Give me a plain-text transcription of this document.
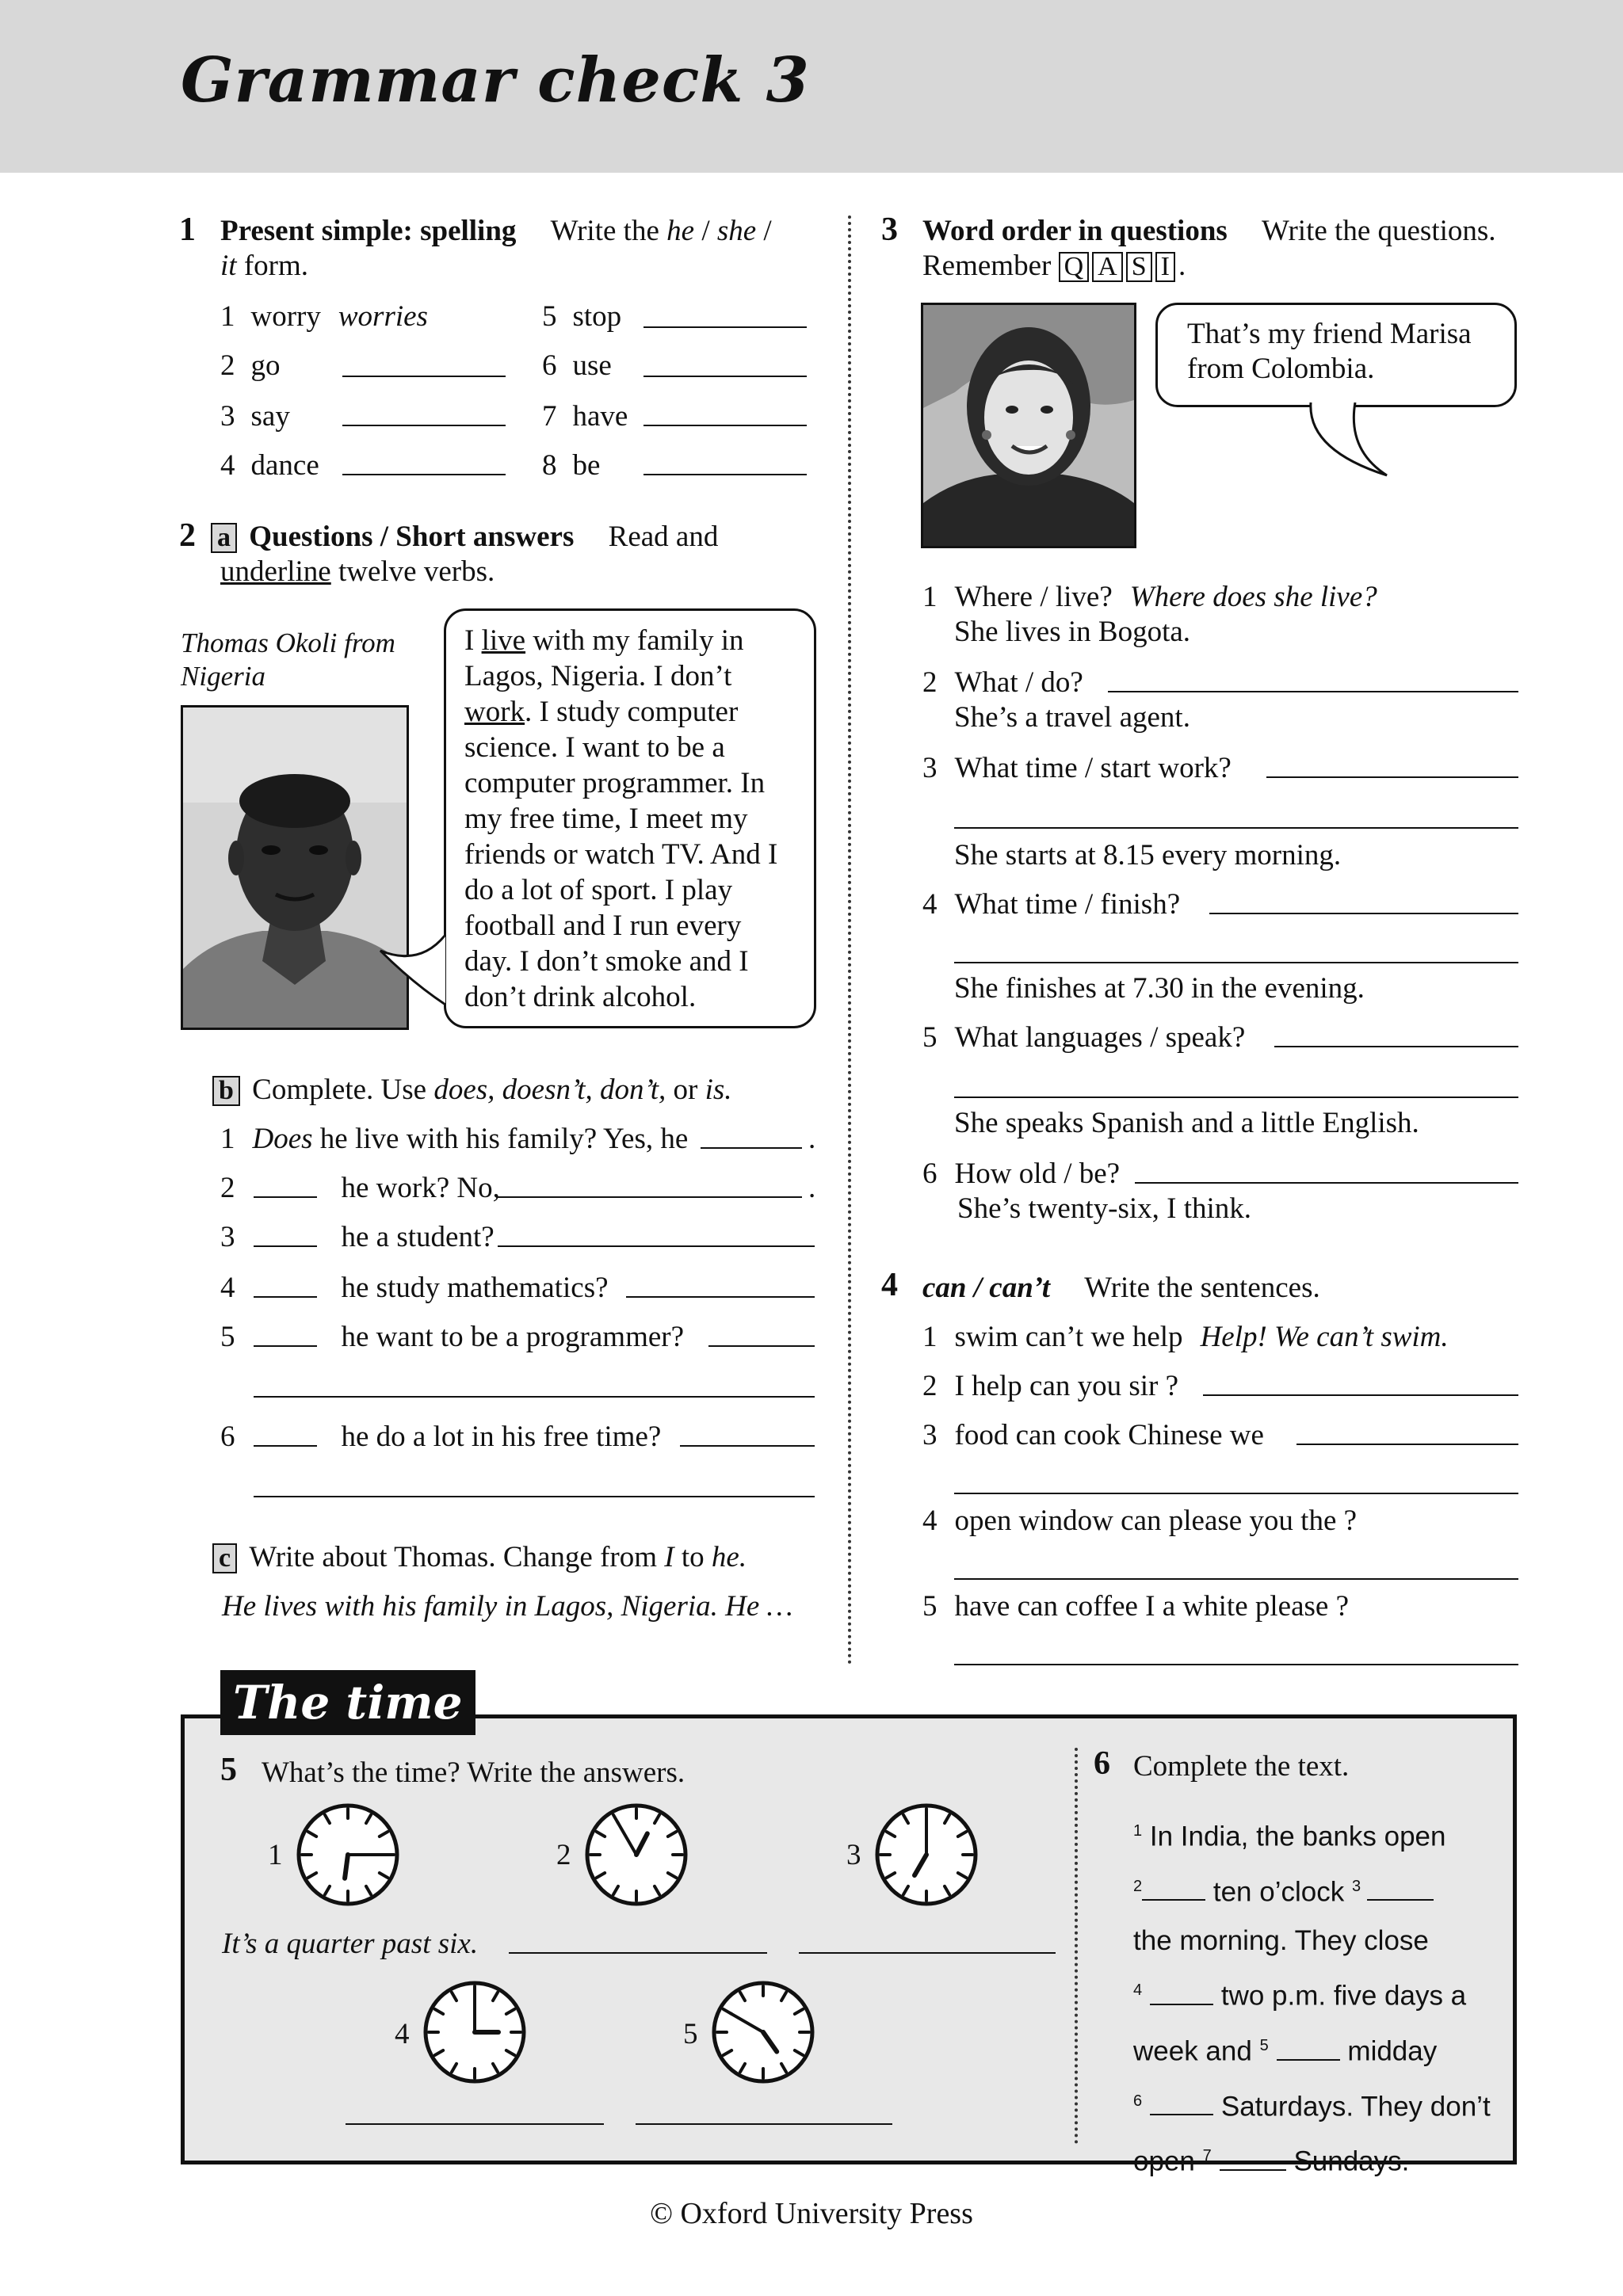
Grammar check 3
1 Present simple: spelling Write the he / she /
it form.
1 worry worries
2 go
3 say
4 dance
5 stop
6 use
7 have
8 be
2 a Questions / Short answers Read and
underline twelve verbs.
Thomas Okoli from
Nigeria
I live with my family in
Lagos, Nigeria. I don’t
work. I study computer
science. I want to be a
computer programmer. In
my free time, I meet my
friends or watch TV. And I
do a lot of sport. I play
football and I run every
day. I don’t smoke and I
don’t drink alcohol.
b Complete. Use does, doesn’t, don’t, or is.
1 Does he live with his family? Yes, he	.
2	he work? No,	.
3	he a student?
4	he study mathematics?
5	he want to be a programmer?
6	he do a lot in his free time?
c Write about Thomas. Change from I to he.
He lives with his family in Lagos, Nigeria. He …
3 Word order in questions Write the questions.
Remember Q A S I .
That’s my friend Marisa
from Colombia.
1 Where / live? Where does she live?
She lives in Bogota.
2 What / do?
She’s a travel agent.
3 What time / start work?
She starts at 8.15 every morning.
4 What time / finish?
She finishes at 7.30 in the evening.
5 What languages / speak?
She speaks Spanish and a little English.
6 How old / be?
She’s twenty-six, I think.
4 can / can’t Write the sentences.
1 swim can’t we help Help! We can’t swim.
2 I help can you sir ?
3 food can cook Chinese we
4 open window can please you the ?
5 have can coffee I a white please ?
The time
5 What’s the time? Write the answers.
1	2	3
It’s a quarter past six.
4	5
6 Complete the text.
$^1$ In India, the banks open
$^2$ ten o’clock $^3$
the morning. They close
$^4$	two p.m. five days a
week and $^5$	midday
$^6$	Saturdays. They don’t
open $^7$	Sundays.
© Oxford University Press
